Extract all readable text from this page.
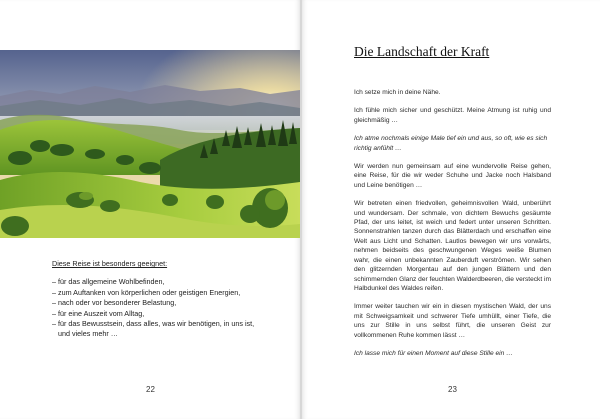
Diese Reise ist besonders geeignet:
– für das allgemeine Wohlbefinden,
– zum Auftanken von körperlichen oder geistigen Energien,
– nach oder vor besonderer Belastung,
– für eine Auszeit vom Alltag,
– für das Bewusstsein, dass alles, was wir benötigen, in uns ist,
und vieles mehr …
22
Die Landschaft der Kraft

Ich setze mich in deine Nähe.

Ich fühle mich sicher und geschützt. Meine Atmung ist ruhig und gleichmäßig …

Ich atme nochmals einige Male tief ein und aus, so oft, wie es sich richtig anfühlt …

Wir werden nun gemeinsam auf eine wundervolle Reise gehen, eine Reise, für die wir weder Schuhe und Jacke noch Halsband und Leine benötigen …

Wir betreten einen friedvollen, geheimnisvollen Wald, unberührt und wundersam. Der schmale, von dichtem Bewuchs gesäumte Pfad, der uns leitet, ist weich und federt unter unseren Schritten. Sonnenstrahlen tanzen durch das Blätterdach und erschaffen eine Welt aus Licht und Schatten. Lautlos bewegen wir uns vorwärts, nehmen beidseits des geschwungenen Weges weiße Blumen wahr, die einen unbekannten Zauberduft verströmen. Wir sehen den glitzernden Morgentau auf den jungen Blättern und den schimmernden Glanz der feuchten Walderdbeeren, die versteckt im Halbdunkel des Waldes reifen.

Immer weiter tauchen wir ein in diesen mystischen Wald, der uns mit Schweigsamkeit und schwerer Tiefe umhüllt, einer Tiefe, die uns zur Stille in uns selbst führt, die unseren Geist zur vollkommenen Ruhe kommen lässt …

Ich lasse mich für einen Moment auf diese Stille ein …

23
